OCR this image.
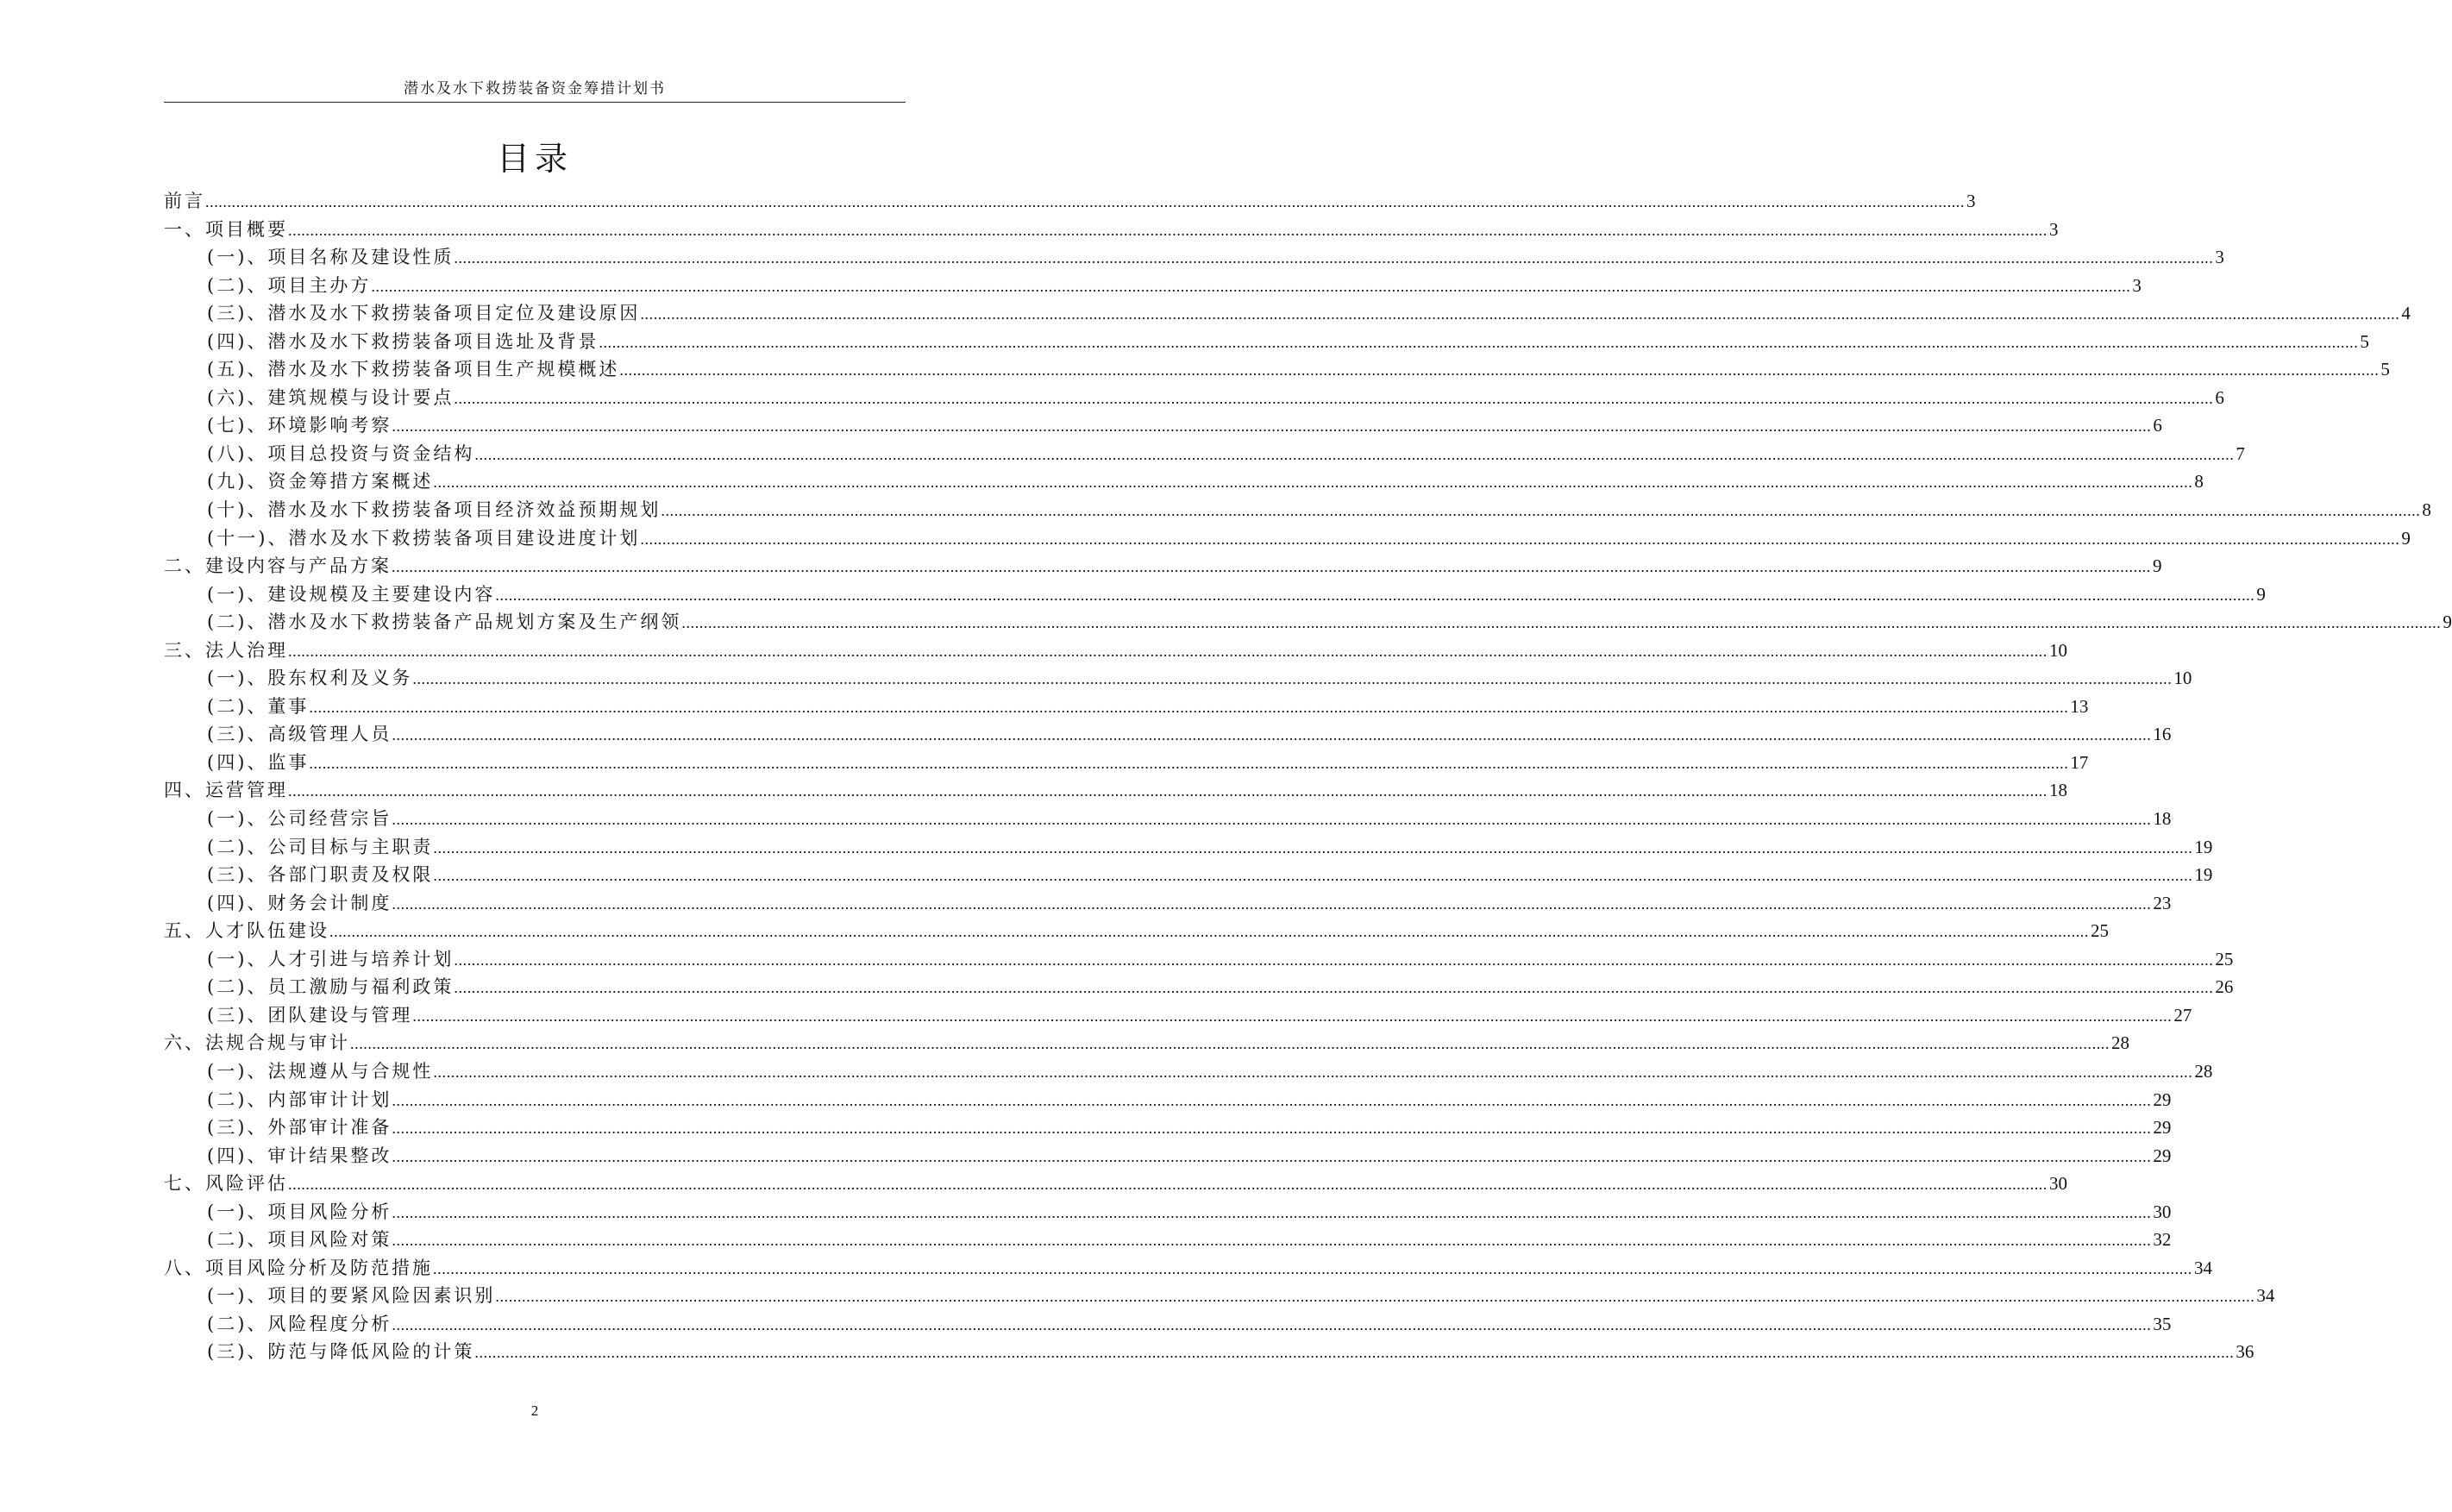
潜水及水下救捞装备资金筹措计划书
目录
前言 ................................................................................................................................................................................................................................................................................................................................................................................................................ 3
一、项目概要 ................................................................................................................................................................................................................................................................................................................................................................................................................ 3
(一)、项目名称及建设性质 ................................................................................................................................................................................................................................................................................................................................................................................................................ 3
(二)、项目主办方 ................................................................................................................................................................................................................................................................................................................................................................................................................ 3
(三)、潜水及水下救捞装备项目定位及建设原因 ................................................................................................................................................................................................................................................................................................................................................................................................................ 4
(四)、潜水及水下救捞装备项目选址及背景 ................................................................................................................................................................................................................................................................................................................................................................................................................ 5
(五)、潜水及水下救捞装备项目生产规模概述 ................................................................................................................................................................................................................................................................................................................................................................................................................ 5
(六)、建筑规模与设计要点 ................................................................................................................................................................................................................................................................................................................................................................................................................ 6
(七)、环境影响考察 ................................................................................................................................................................................................................................................................................................................................................................................................................ 6
(八)、项目总投资与资金结构 ................................................................................................................................................................................................................................................................................................................................................................................................................ 7
(九)、资金筹措方案概述 ................................................................................................................................................................................................................................................................................................................................................................................................................ 8
(十)、潜水及水下救捞装备项目经济效益预期规划 ................................................................................................................................................................................................................................................................................................................................................................................................................ 8
(十一)、潜水及水下救捞装备项目建设进度计划 ................................................................................................................................................................................................................................................................................................................................................................................................................ 9
二、建设内容与产品方案 ................................................................................................................................................................................................................................................................................................................................................................................................................ 9
(一)、建设规模及主要建设内容 ................................................................................................................................................................................................................................................................................................................................................................................................................ 9
(二)、潜水及水下救捞装备产品规划方案及生产纲领 ................................................................................................................................................................................................................................................................................................................................................................................................................ 9
三、法人治理 ................................................................................................................................................................................................................................................................................................................................................................................................................ 10
(一)、股东权利及义务 ................................................................................................................................................................................................................................................................................................................................................................................................................ 10
(二)、董事 ................................................................................................................................................................................................................................................................................................................................................................................................................ 13
(三)、高级管理人员 ................................................................................................................................................................................................................................................................................................................................................................................................................ 16
(四)、监事 ................................................................................................................................................................................................................................................................................................................................................................................................................ 17
四、运营管理 ................................................................................................................................................................................................................................................................................................................................................................................................................ 18
(一)、公司经营宗旨 ................................................................................................................................................................................................................................................................................................................................................................................................................ 18
(二)、公司目标与主职责 ................................................................................................................................................................................................................................................................................................................................................................................................................ 19
(三)、各部门职责及权限 ................................................................................................................................................................................................................................................................................................................................................................................................................ 19
(四)、财务会计制度 ................................................................................................................................................................................................................................................................................................................................................................................................................ 23
五、人才队伍建设 ................................................................................................................................................................................................................................................................................................................................................................................................................ 25
(一)、人才引进与培养计划 ................................................................................................................................................................................................................................................................................................................................................................................................................ 25
(二)、员工激励与福利政策 ................................................................................................................................................................................................................................................................................................................................................................................................................ 26
(三)、团队建设与管理 ................................................................................................................................................................................................................................................................................................................................................................................................................ 27
六、法规合规与审计 ................................................................................................................................................................................................................................................................................................................................................................................................................ 28
(一)、法规遵从与合规性 ................................................................................................................................................................................................................................................................................................................................................................................................................ 28
(二)、内部审计计划 ................................................................................................................................................................................................................................................................................................................................................................................................................ 29
(三)、外部审计准备 ................................................................................................................................................................................................................................................................................................................................................................................................................ 29
(四)、审计结果整改 ................................................................................................................................................................................................................................................................................................................................................................................................................ 29
七、风险评估 ................................................................................................................................................................................................................................................................................................................................................................................................................ 30
(一)、项目风险分析 ................................................................................................................................................................................................................................................................................................................................................................................................................ 30
(二)、项目风险对策 ................................................................................................................................................................................................................................................................................................................................................................................................................ 32
八、项目风险分析及防范措施 ................................................................................................................................................................................................................................................................................................................................................................................................................ 34
(一)、项目的要紧风险因素识别 ................................................................................................................................................................................................................................................................................................................................................................................................................ 34
(二)、风险程度分析 ................................................................................................................................................................................................................................................................................................................................................................................................................ 35
(三)、防范与降低风险的计策 ................................................................................................................................................................................................................................................................................................................................................................................................................ 36
2
